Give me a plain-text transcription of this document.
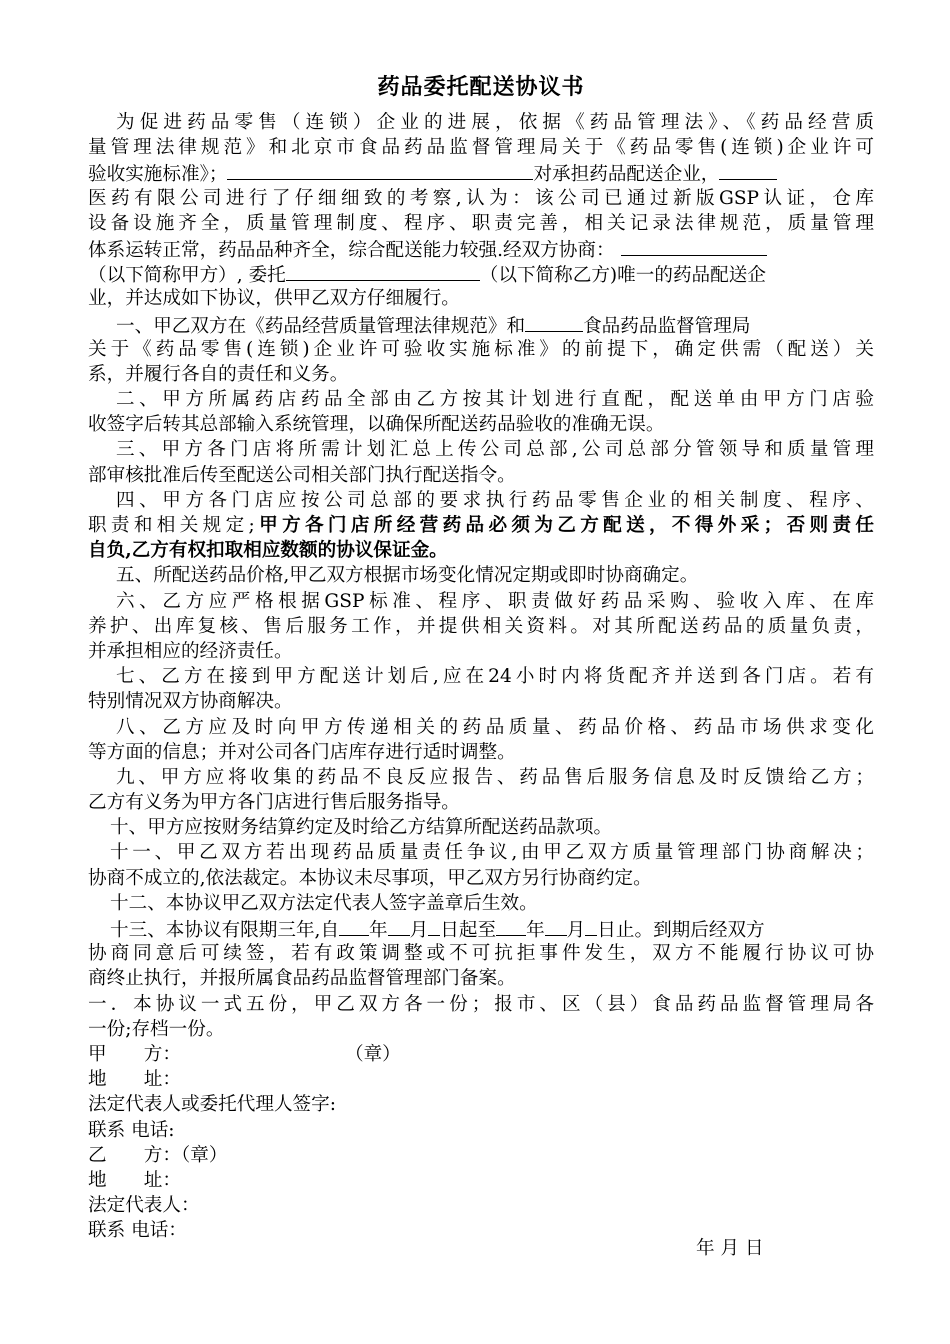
药品委托配送协议书
为促进药品零售（连锁）企业的进展，依据《药品管理法》、《药品经营质
量管理法律规范》和北京市食品药品监督管理局关于《药品零售(连锁)企业许可
验收实施标准》；	对承担药品配送企业，
医药有限公司进行了仔细细致的考察,认为：该公司已通过新版GSP认证，仓库
设备设施齐全，质量管理制度、程序、职责完善，相关记录法律规范，质量管理
体系运转正常，药品品种齐全，综合配送能力较强.经双方协商：
（以下简称甲方）, 委托	（以下简称乙方)唯一的药品配送企
业，并达成如下协议，供甲乙双方仔细履行。
一、甲乙双方在《药品经营质量管理法律规范》和	食品药品监督管理局
关于《药品零售(连锁)企业许可验收实施标准》的前提下，确定供需（配送）关
系，并履行各自的责任和义务。
二、甲方所属药店药品全部由乙方按其计划进行直配，配送单由甲方门店验
收签字后转其总部输入系统管理，以确保所配送药品验收的准确无误。
三、甲方各门店将所需计划汇总上传公司总部,公司总部分管领导和质量管理
部审核批准后传至配送公司相关部门执行配送指令。
四、甲方各门店应按公司总部的要求执行药品零售企业的相关制度、程序、
职责和相关规定;甲方各门店所经营药品必须为乙方配送，不得外采；否则责任
自负,乙方有权扣取相应数额的协议保证金。
五、所配送药品价格,甲乙双方根据市场变化情况定期或即时协商确定。
六、乙方应严格根据GSP标准、程序、职责做好药品采购、验收入库、在库
养护、出库复核、售后服务工作，并提供相关资料。对其所配送药品的质量负责，
并承担相应的经济责任。
七、乙方在接到甲方配送计划后,应在24小时内将货配齐并送到各门店。若有
特别情况双方协商解决。
八、乙方应及时向甲方传递相关的药品质量、药品价格、药品市场供求变化
等方面的信息；并对公司各门店库存进行适时调整。
九、甲方应将收集的药品不良反应报告、药品售后服务信息及时反馈给乙方；
乙方有义务为甲方各门店进行售后服务指导。
十、甲方应按财务结算约定及时给乙方结算所配送药品款项。
十一、甲乙双方若出现药品质量责任争议,由甲乙双方质量管理部门协商解决；
协商不成立的,依法裁定。本协议未尽事项，甲乙双方另行协商约定。
十二、本协议甲乙双方法定代表人签字盖章后生效。
十三、本协议有限期三年,自 年 月 日起至 年 月 日止。到期后经双方
协商同意后可续签，若有政策调整或不可抗拒事件发生，双方不能履行协议可协
商终止执行，并报所属食品药品监督管理部门备案。
一．本协议一式五份，甲乙双方各一份；报市、区（县）食品药品监督管理局各
一份;存档一份。
甲　　方：	（章）
地　　址：
法定代表人或委托代理人签字:
联系 电话:
乙　　方：（章）
地　　址：
法定代表人：
联系 电话：
年 月 日
